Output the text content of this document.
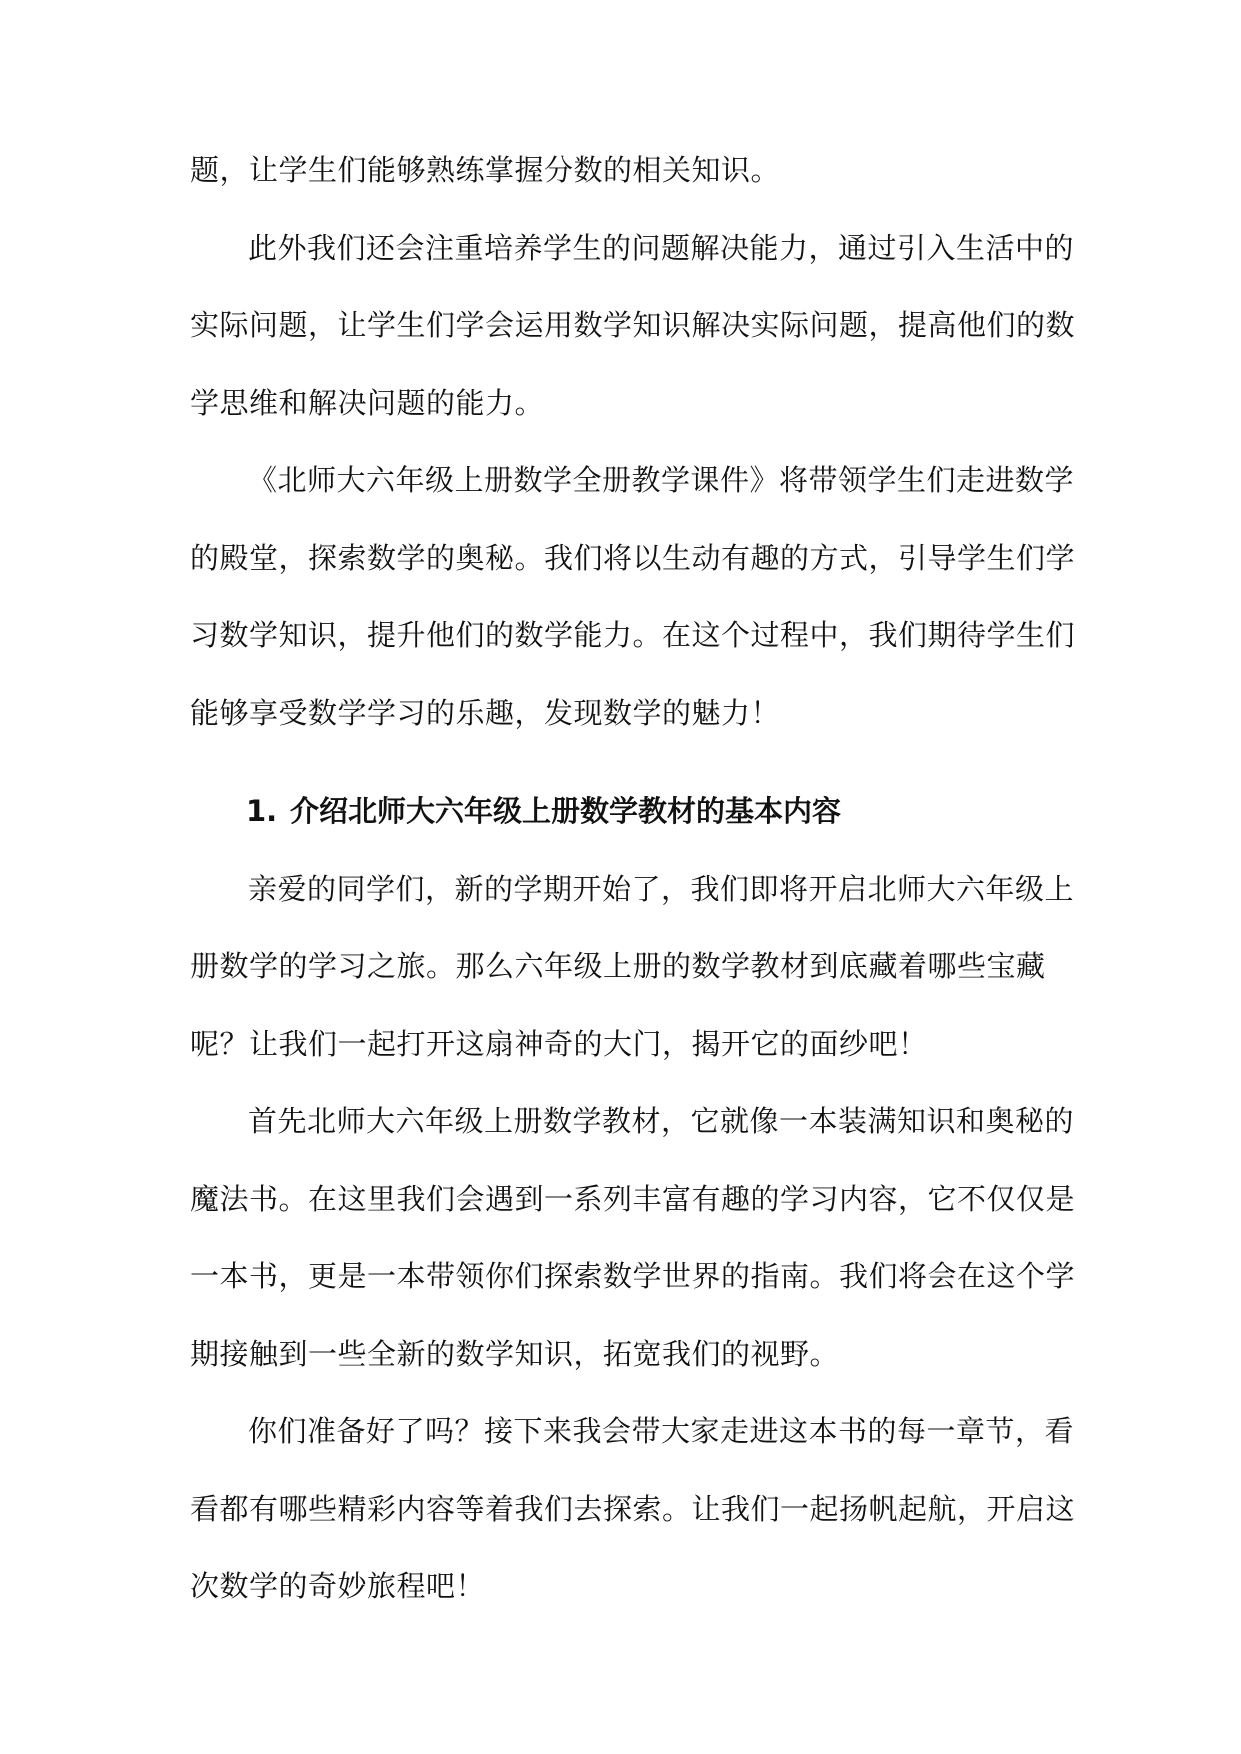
题，让学生们能够熟练掌握分数的相关知识。
此外我们还会注重培养学生的问题解决能力，通过引入生活中的
实际问题，让学生们学会运用数学知识解决实际问题，提高他们的数
学思维和解决问题的能力。
《北师大六年级上册数学全册教学课件》将带领学生们走进数学
的殿堂，探索数学的奥秘。我们将以生动有趣的方式，引导学生们学
习数学知识，提升他们的数学能力。在这个过程中，我们期待学生们
能够享受数学学习的乐趣，发现数学的魅力！
1. 介绍北师大六年级上册数学教材的基本内容
亲爱的同学们，新的学期开始了，我们即将开启北师大六年级上
册数学的学习之旅。那么六年级上册的数学教材到底藏着哪些宝藏
呢？让我们一起打开这扇神奇的大门，揭开它的面纱吧！
首先北师大六年级上册数学教材，它就像一本装满知识和奥秘的
魔法书。在这里我们会遇到一系列丰富有趣的学习内容，它不仅仅是
一本书，更是一本带领你们探索数学世界的指南。我们将会在这个学
期接触到一些全新的数学知识，拓宽我们的视野。
你们准备好了吗？接下来我会带大家走进这本书的每一章节，看
看都有哪些精彩内容等着我们去探索。让我们一起扬帆起航，开启这
次数学的奇妙旅程吧！
